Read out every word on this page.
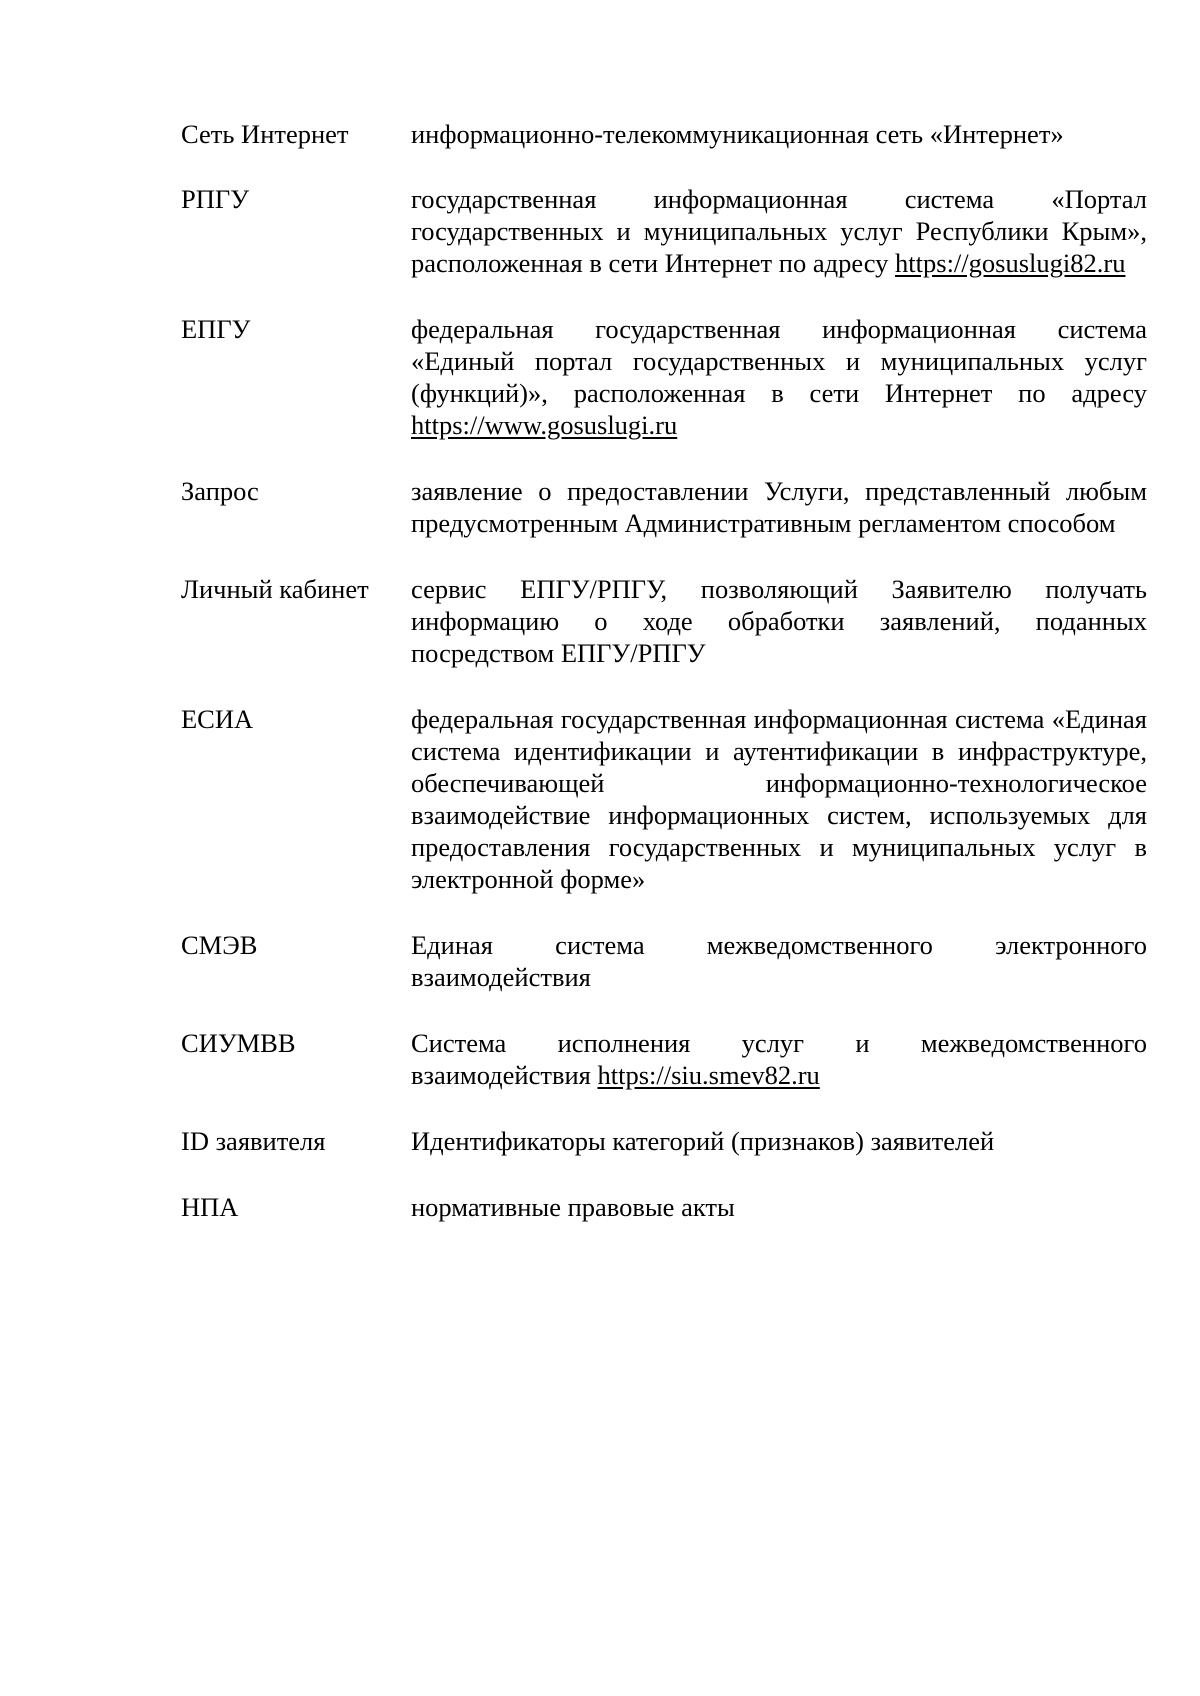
Сеть Интернет	информационно-телекоммуникационная сеть «Интернет»
РПГУ	государственная информационная система «Портал государственных и муниципальных услуг Республики Крым», расположенная в сети Интернет по адресу https://gosuslugi82.ru
ЕПГУ	федеральная государственная информационная система «Единый портал государственных и муниципальных услуг (функций)», расположенная в сети Интернет по адресу https://www.gosuslugi.ru
Запрос	заявление о предоставлении Услуги, представленный любым предусмотренным Административным регламентом способом
Личный кабинет	сервис ЕПГУ/РПГУ, позволяющий Заявителю получать информацию о ходе обработки заявлений, поданных посредством ЕПГУ/РПГУ
ЕСИА	федеральная государственная информационная система «Единая система идентификации и аутентификации в инфраструктуре, обеспечивающей информационно-технологическое взаимодействие информационных систем, используемых для предоставления государственных и муниципальных услуг в электронной форме»
СМЭВ	Единая система межведомственного электронного взаимодействия
СИУМВВ	Система исполнения услуг и межведомственного взаимодействия https://siu.smev82.ru
ID заявителя	Идентификаторы категорий (признаков) заявителей
НПА	нормативные правовые акты
